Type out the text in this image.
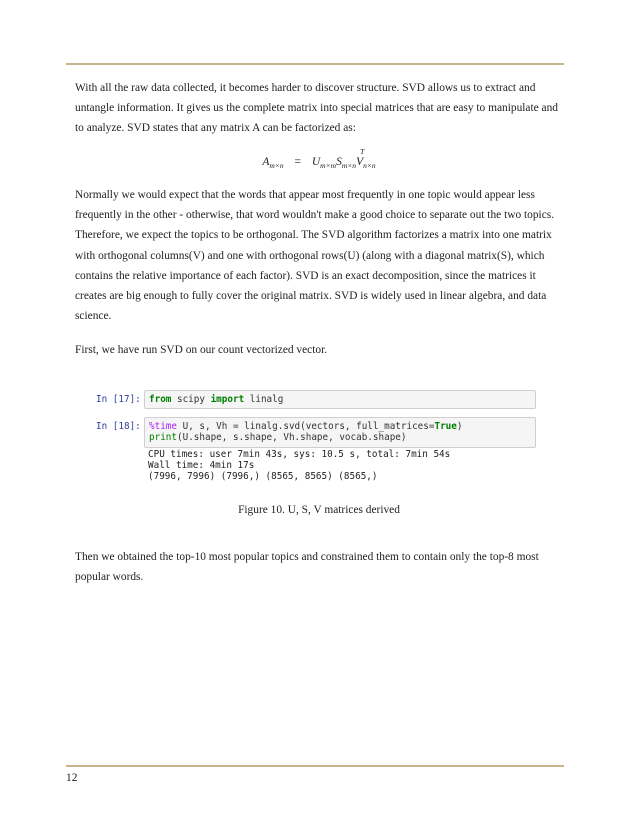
With all the raw data collected, it becomes harder to discover structure. SVD allows us to extract and untangle information. It gives us the complete matrix into special matrices that are easy to manipulate and to analyze. SVD states that any matrix A can be factorized as:
$A_{m\times n} = U_{m\times m}S_{m\times n}V$
T
$_{n\times n}$
Normally we would expect that the words that appear most frequently in one topic would appear less frequently in the other - otherwise, that word wouldn't make a good choice to separate out the two topics. Therefore, we expect the topics to be orthogonal. The SVD algorithm factorizes a matrix into one matrix with orthogonal columns(V) and one with orthogonal rows(U) (along with a diagonal matrix(S), which contains the relative importance of each factor). SVD is an exact decomposition, since the matrices it creates are big enough to fully cover the original matrix. SVD is widely used in linear algebra, and data science.
First, we have run SVD on our count vectorized vector.
In [17]: from scipy import linalg
In [18]: %time U, s, Vh = linalg.svd(vectors, full_matrices=True)
print(U.shape, s.shape, Vh.shape, vocab.shape)
CPU times: user 7min 43s, sys: 10.5 s, total: 7min 54s
Wall time: 4min 17s
(7996, 7996) (7996,) (8565, 8565) (8565,)
Figure 10. U, S, V matrices derived
Then we obtained the top-10 most popular topics and constrained them to contain only the top-8 most popular words.
12
